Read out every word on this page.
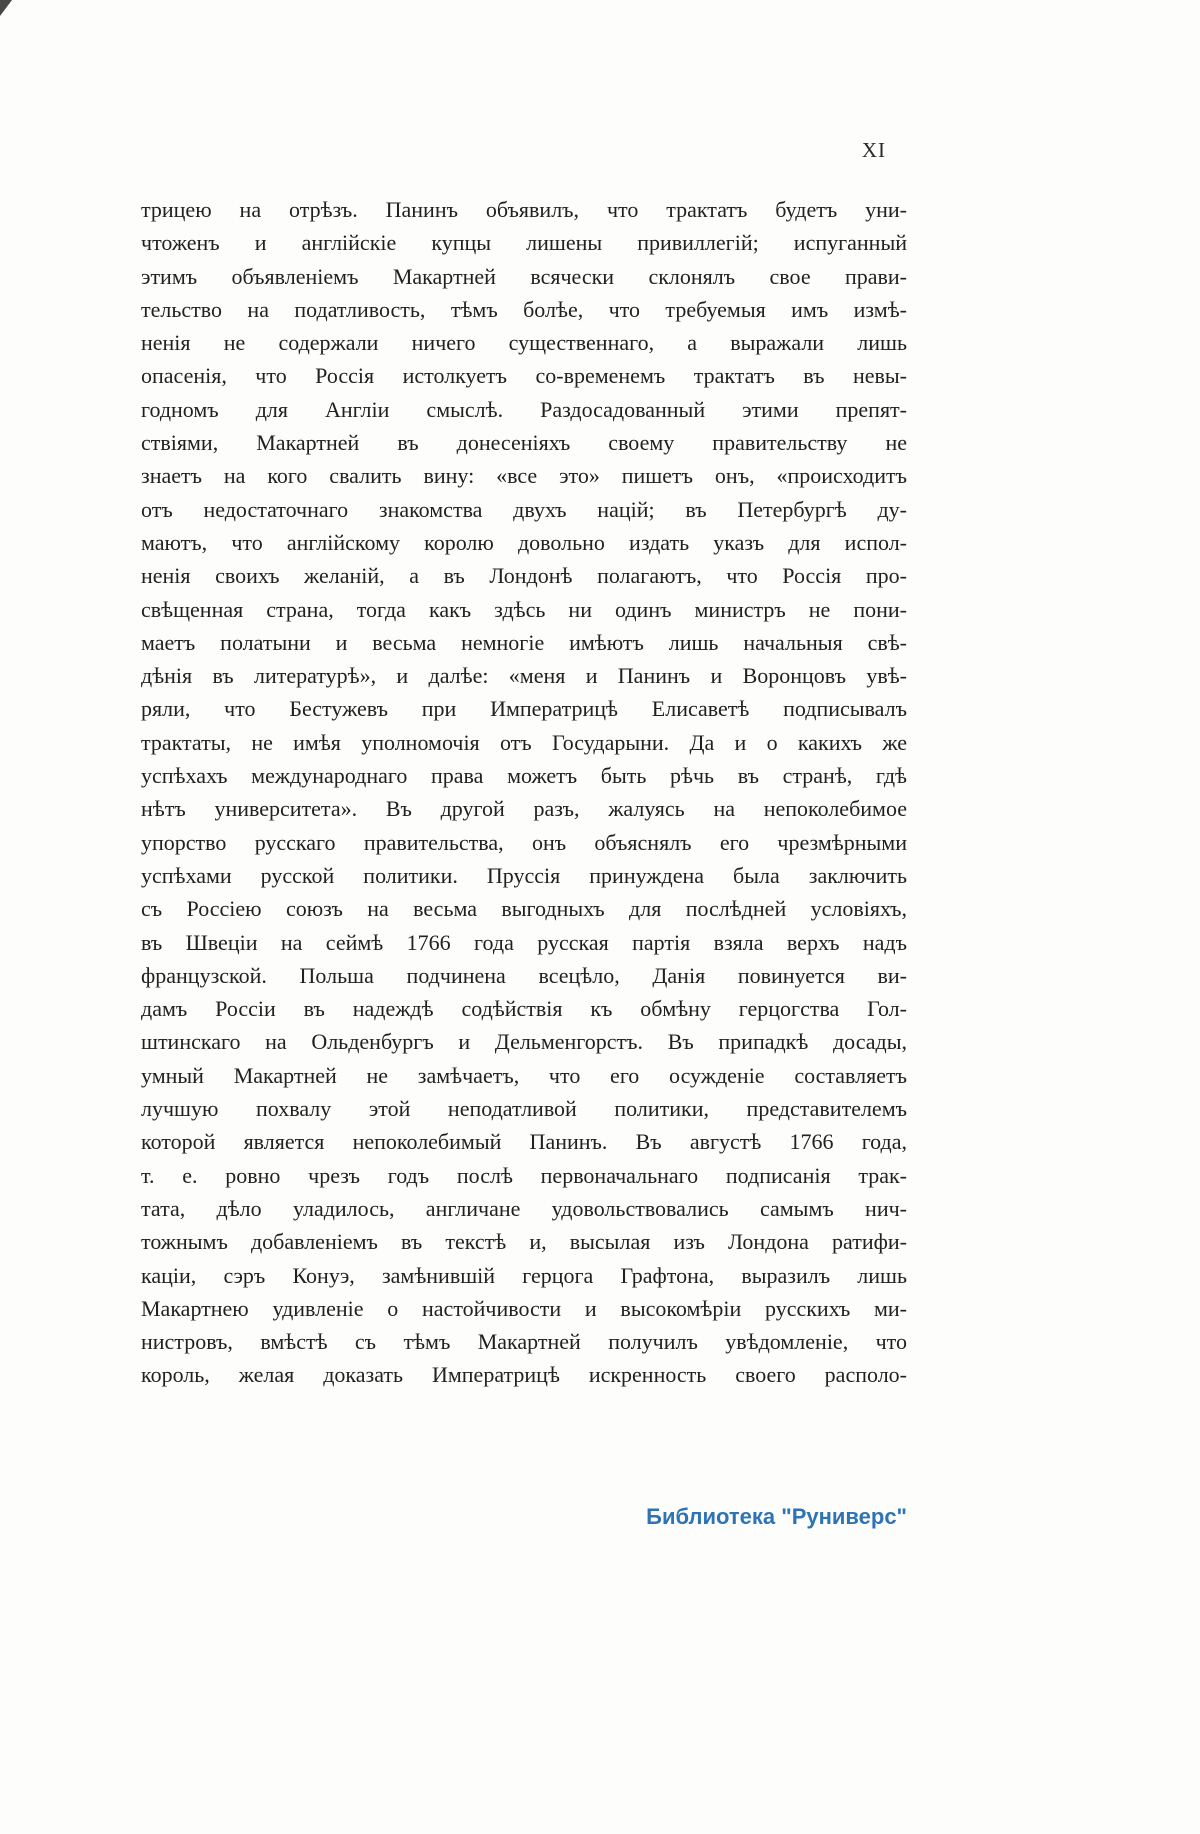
XI
трицею на отрѣзъ. Панинъ объявилъ, что трактатъ будетъ уни-
чтоженъ и англійскіе купцы лишены привиллегій; испуганный
этимъ объявленіемъ Макартней всячески склонялъ свое прави-
тельство на податливость, тѣмъ болѣе, что требуемыя имъ измѣ-
ненія не содержали ничего существеннаго, а выражали лишь
опасенія, что Россія истолкуетъ со-временемъ трактатъ въ невы-
годномъ для Англіи смыслѣ. Раздосадованный этими препят-
ствіями, Макартней въ донесеніяхъ своему правительству не
знаетъ на кого свалить вину: «все это» пишетъ онъ, «происходитъ
отъ недостаточнаго знакомства двухъ націй; въ Петербургѣ ду-
маютъ, что англійскому королю довольно издать указъ для испол-
ненія своихъ желаній, а въ Лондонѣ полагаютъ, что Россія про-
свѣщенная страна, тогда какъ здѣсь ни одинъ министръ не пони-
маетъ полатыни и весьма немногіе имѣютъ лишь начальныя свѣ-
дѣнія въ литературѣ», и далѣе: «меня и Панинъ и Воронцовъ увѣ-
ряли, что Бестужевъ при Императрицѣ Елисаветѣ подписывалъ
трактаты, не имѣя уполномочія отъ Государыни. Да и о какихъ же
успѣхахъ международнаго права можетъ быть рѣчь въ странѣ, гдѣ
нѣтъ университета». Въ другой разъ, жалуясь на непоколебимое
упорство русскаго правительства, онъ объяснялъ его чрезмѣрными
успѣхами русской политики. Пруссія принуждена была заключить
съ Россіею союзъ на весьма выгодныхъ для послѣдней условіяхъ,
въ Швеціи на сеймѣ 1766 года русская партія взяла верхъ надъ
французской. Польша подчинена всецѣло, Данія повинуется ви-
дамъ Россіи въ надеждѣ содѣйствія къ обмѣну герцогства Гол-
штинскаго на Ольденбургъ и Дельменгорстъ. Въ припадкѣ досады,
умный Макартней не замѣчаетъ, что его осужденіе составляетъ
лучшую похвалу этой неподатливой политики, представителемъ
которой является непоколебимый Панинъ. Въ августѣ 1766 года,
т. е. ровно чрезъ годъ послѣ первоначальнаго подписанія трак-
тата, дѣло уладилось, англичане удовольствовались самымъ нич-
тожнымъ добавленіемъ въ текстѣ и, высылая изъ Лондона ратифи-
каціи, сэръ Конуэ, замѣнившій герцога Графтона, выразилъ лишь
Макартнею удивленіе о настойчивости и высокомѣріи русскихъ ми-
нистровъ, вмѣстѣ съ тѣмъ Макартней получилъ увѣдомленіе, что
король, желая доказать Императрицѣ искренность своего располо-
Библиотека "Руниверс"
